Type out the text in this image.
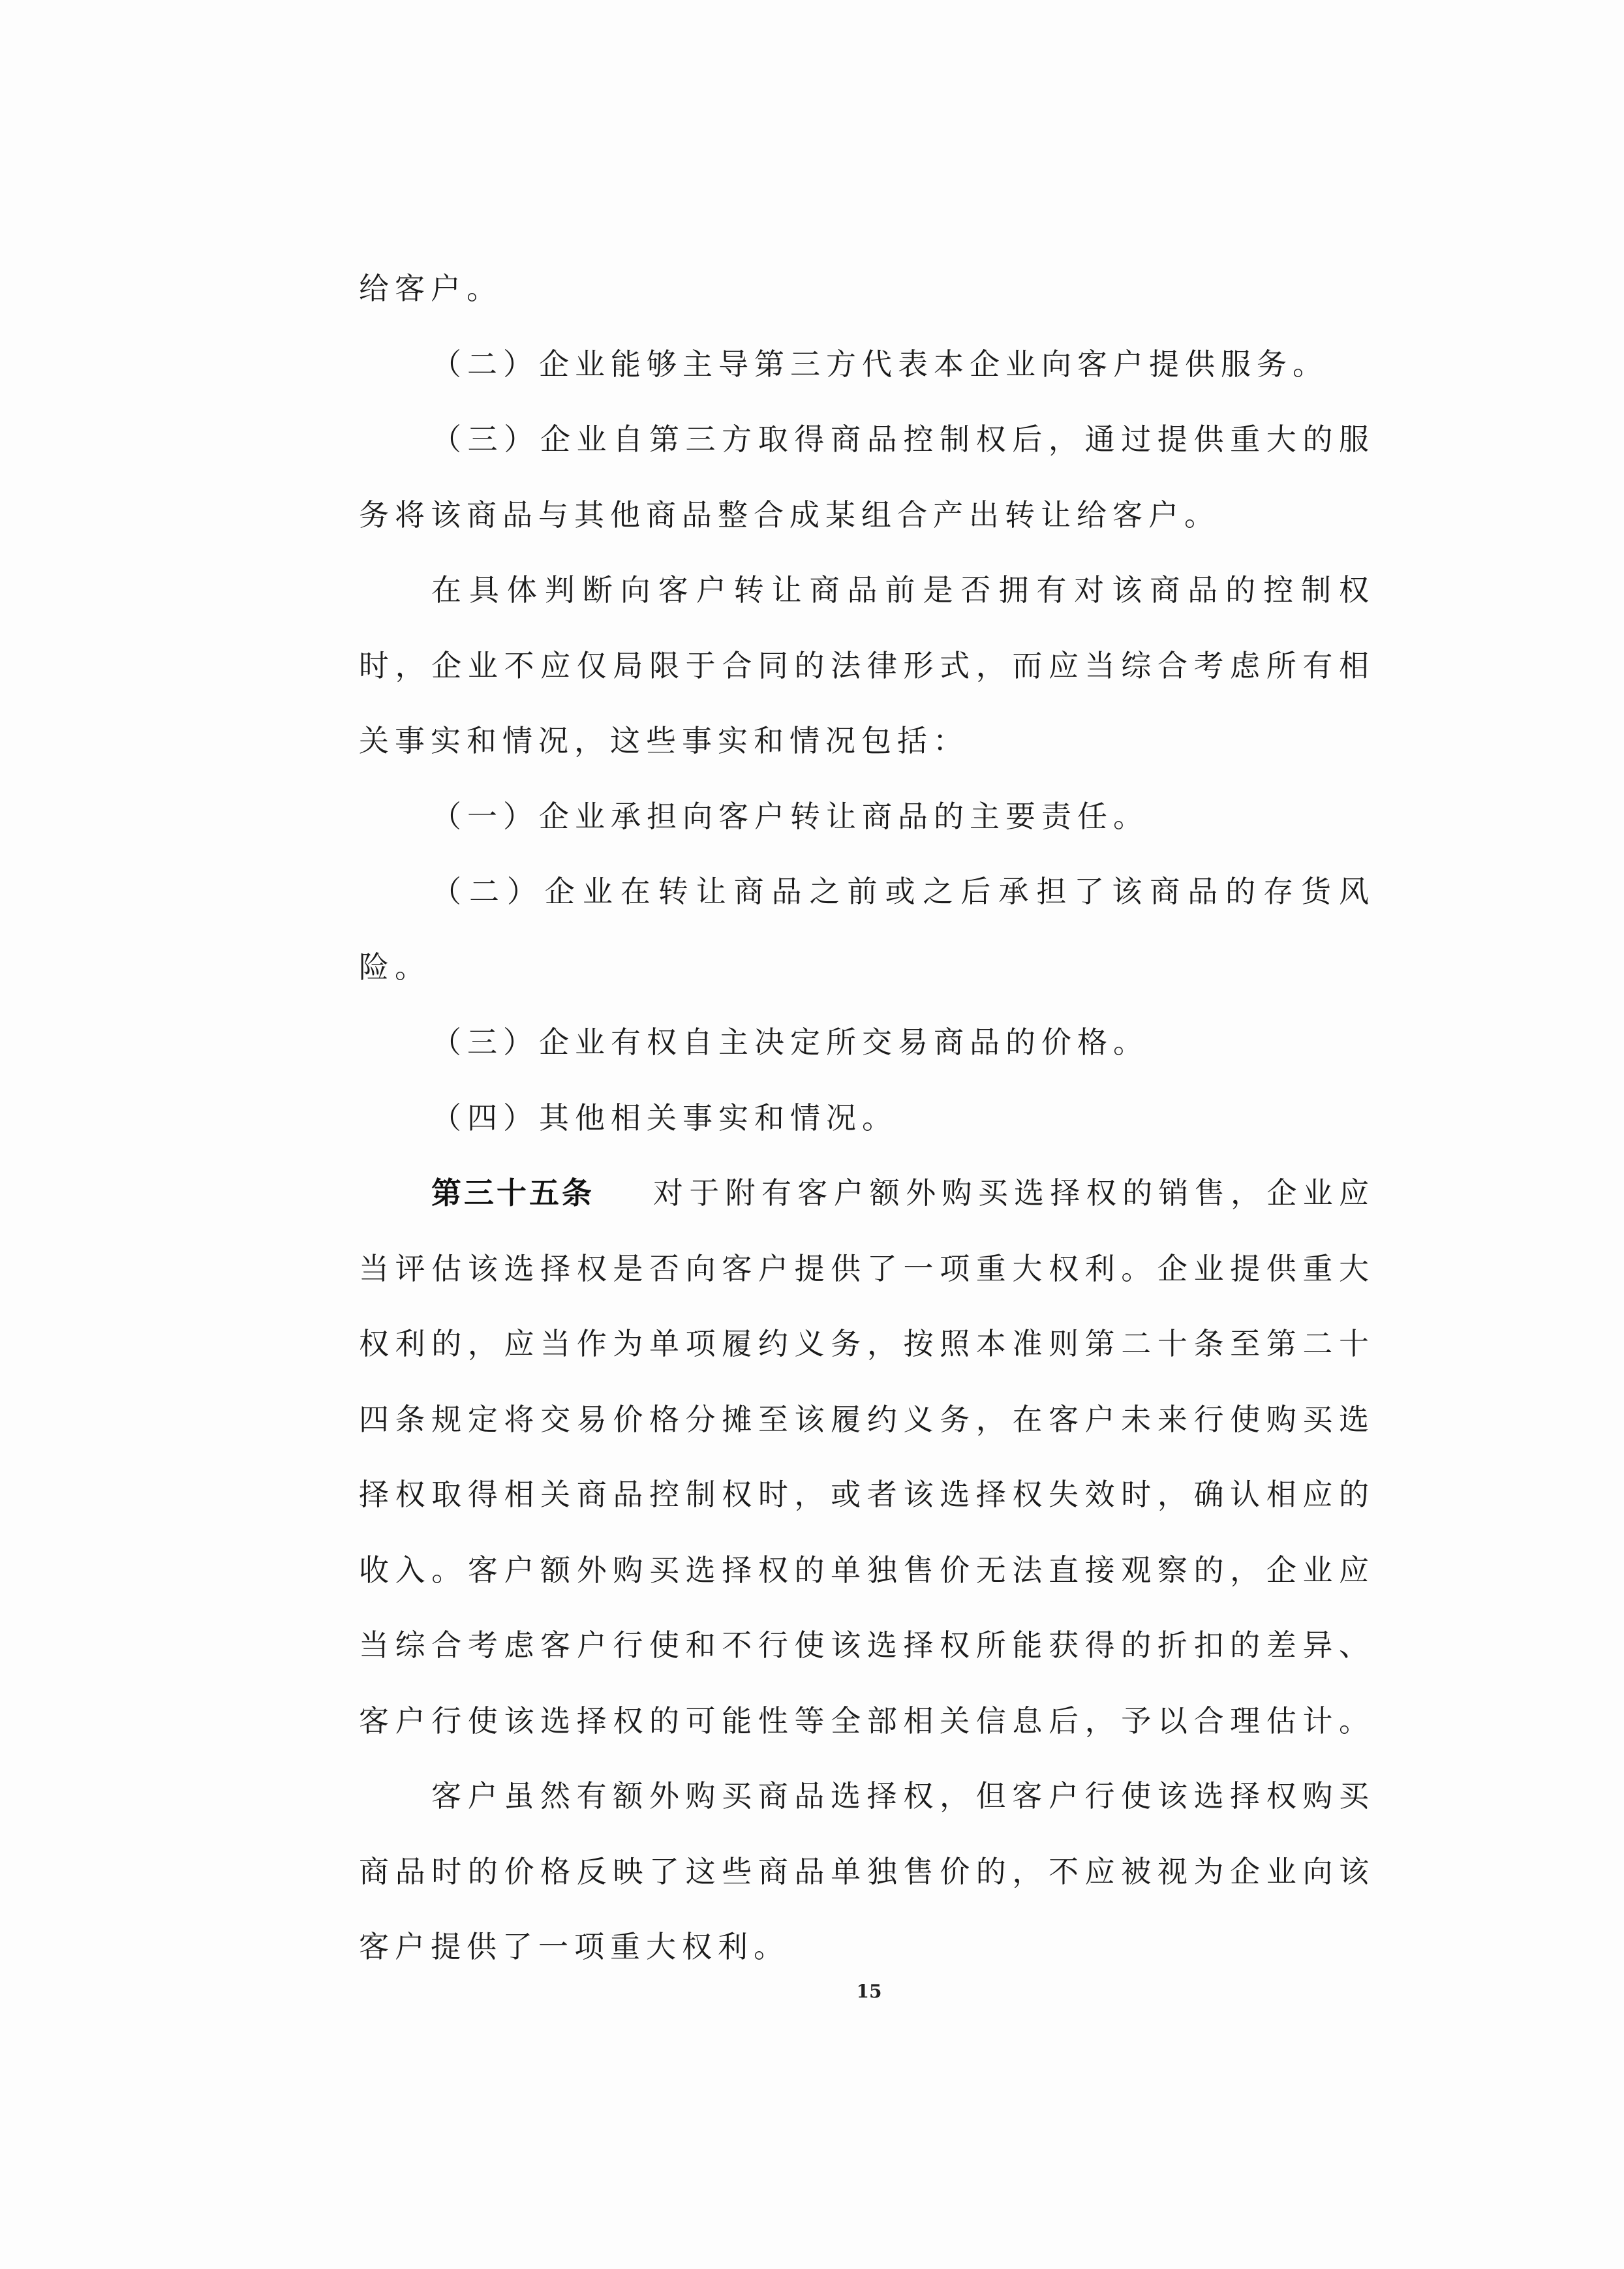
给客户。
（二）企业能够主导第三方代表本企业向客户提供服务。
（三）企业自第三方取得商品控制权后，通过提供重大的服
务将该商品与其他商品整合成某组合产出转让给客户。
在具体判断向客户转让商品前是否拥有对该商品的控制权
时，企业不应仅局限于合同的法律形式，而应当综合考虑所有相
关事实和情况，这些事实和情况包括：
（一）企业承担向客户转让商品的主要责任。
（二）企业在转让商品之前或之后承担了该商品的存货风
险。
（三）企业有权自主决定所交易商品的价格。
（四）其他相关事实和情况。
第三十五条	对于附有客户额外购买选择权的销售，企业应
当评估该选择权是否向客户提供了一项重大权利。企业提供重大
权利的，应当作为单项履约义务，按照本准则第二十条至第二十
四条规定将交易价格分摊至该履约义务，在客户未来行使购买选
择权取得相关商品控制权时，或者该选择权失效时，确认相应的
收入。客户额外购买选择权的单独售价无法直接观察的，企业应
当综合考虑客户行使和不行使该选择权所能获得的折扣的差异、
客户行使该选择权的可能性等全部相关信息后，予以合理估计。
客户虽然有额外购买商品选择权，但客户行使该选择权购买
商品时的价格反映了这些商品单独售价的，不应被视为企业向该
客户提供了一项重大权利。
15
